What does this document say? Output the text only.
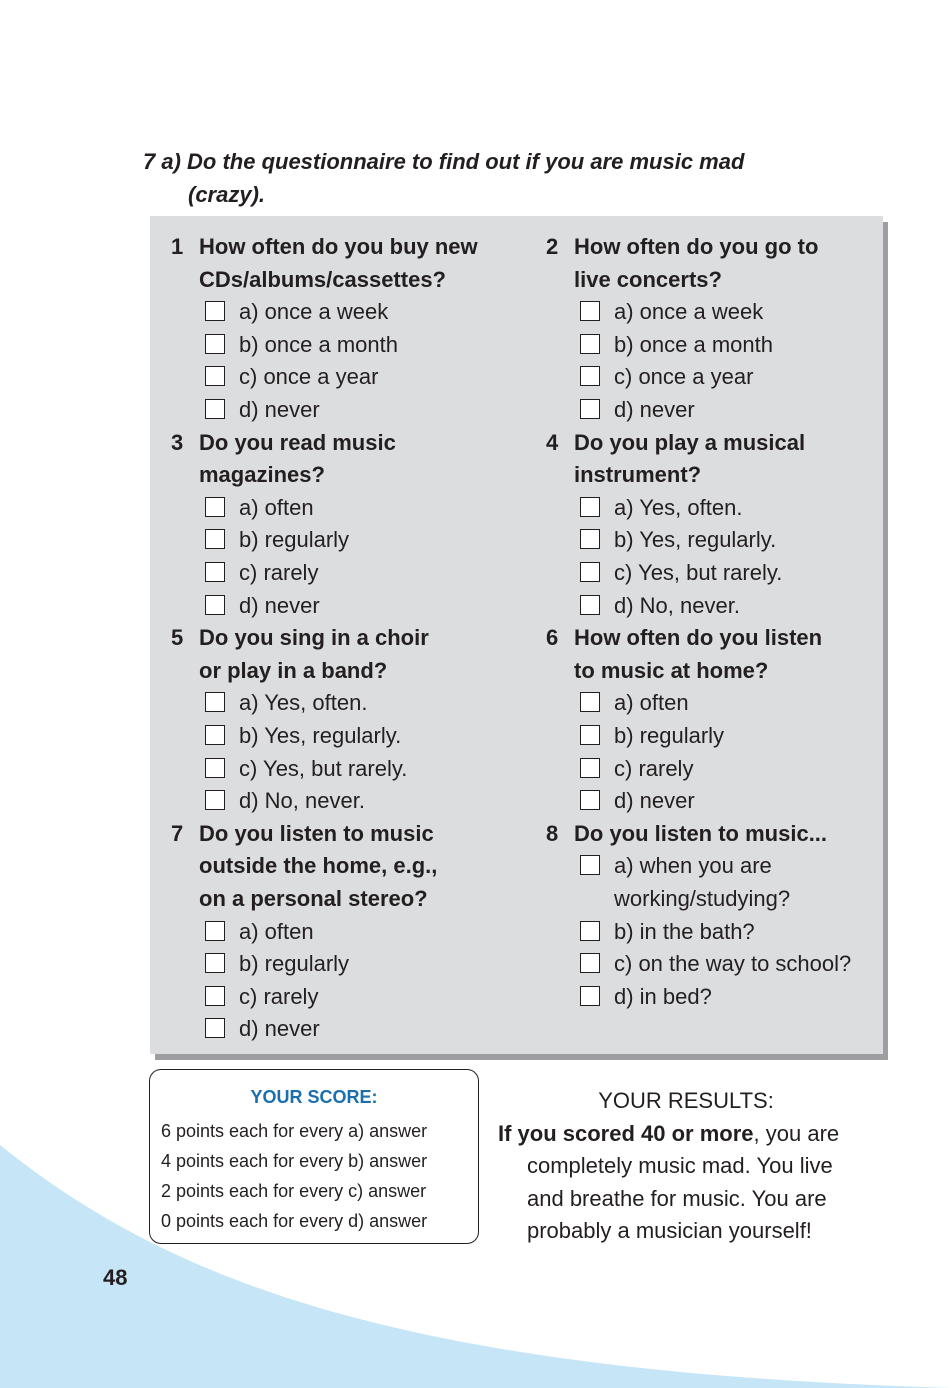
7 a) Do the questionnaire to find out if you are music mad
(crazy).
1 How often do you buy new
CDs/albums/cassettes?
a) once a week
b) once a month
c) once a year
d) never
2 How often do you go to
live concerts?
a) once a week
b) once a month
c) once a year
d) never
3 Do you read music
magazines?
a) often
b) regularly
c) rarely
d) never
4 Do you play a musical
instrument?
a) Yes, often.
b) Yes, regularly.
c) Yes, but rarely.
d) No, never.
5 Do you sing in a choir
or play in a band?
a) Yes, often.
b) Yes, regularly.
c) Yes, but rarely.
d) No, never.
6 How often do you listen
to music at home?
a) often
b) regularly
c) rarely
d) never
7 Do you listen to music
outside the home, e.g.,
on a personal stereo?
a) often
b) regularly
c) rarely
d) never
8 Do you listen to music...
a) when you are
working/studying?
b) in the bath?
c) on the way to school?
d) in bed?
YOUR SCORE:
6 points each for every a) answer
4 points each for every b) answer
2 points each for every c) answer
0 points each for every d) answer
YOUR RESULTS:
If you scored 40 or more, you are
completely music mad. You live
and breathe for music. You are
probably a musician yourself!
48
